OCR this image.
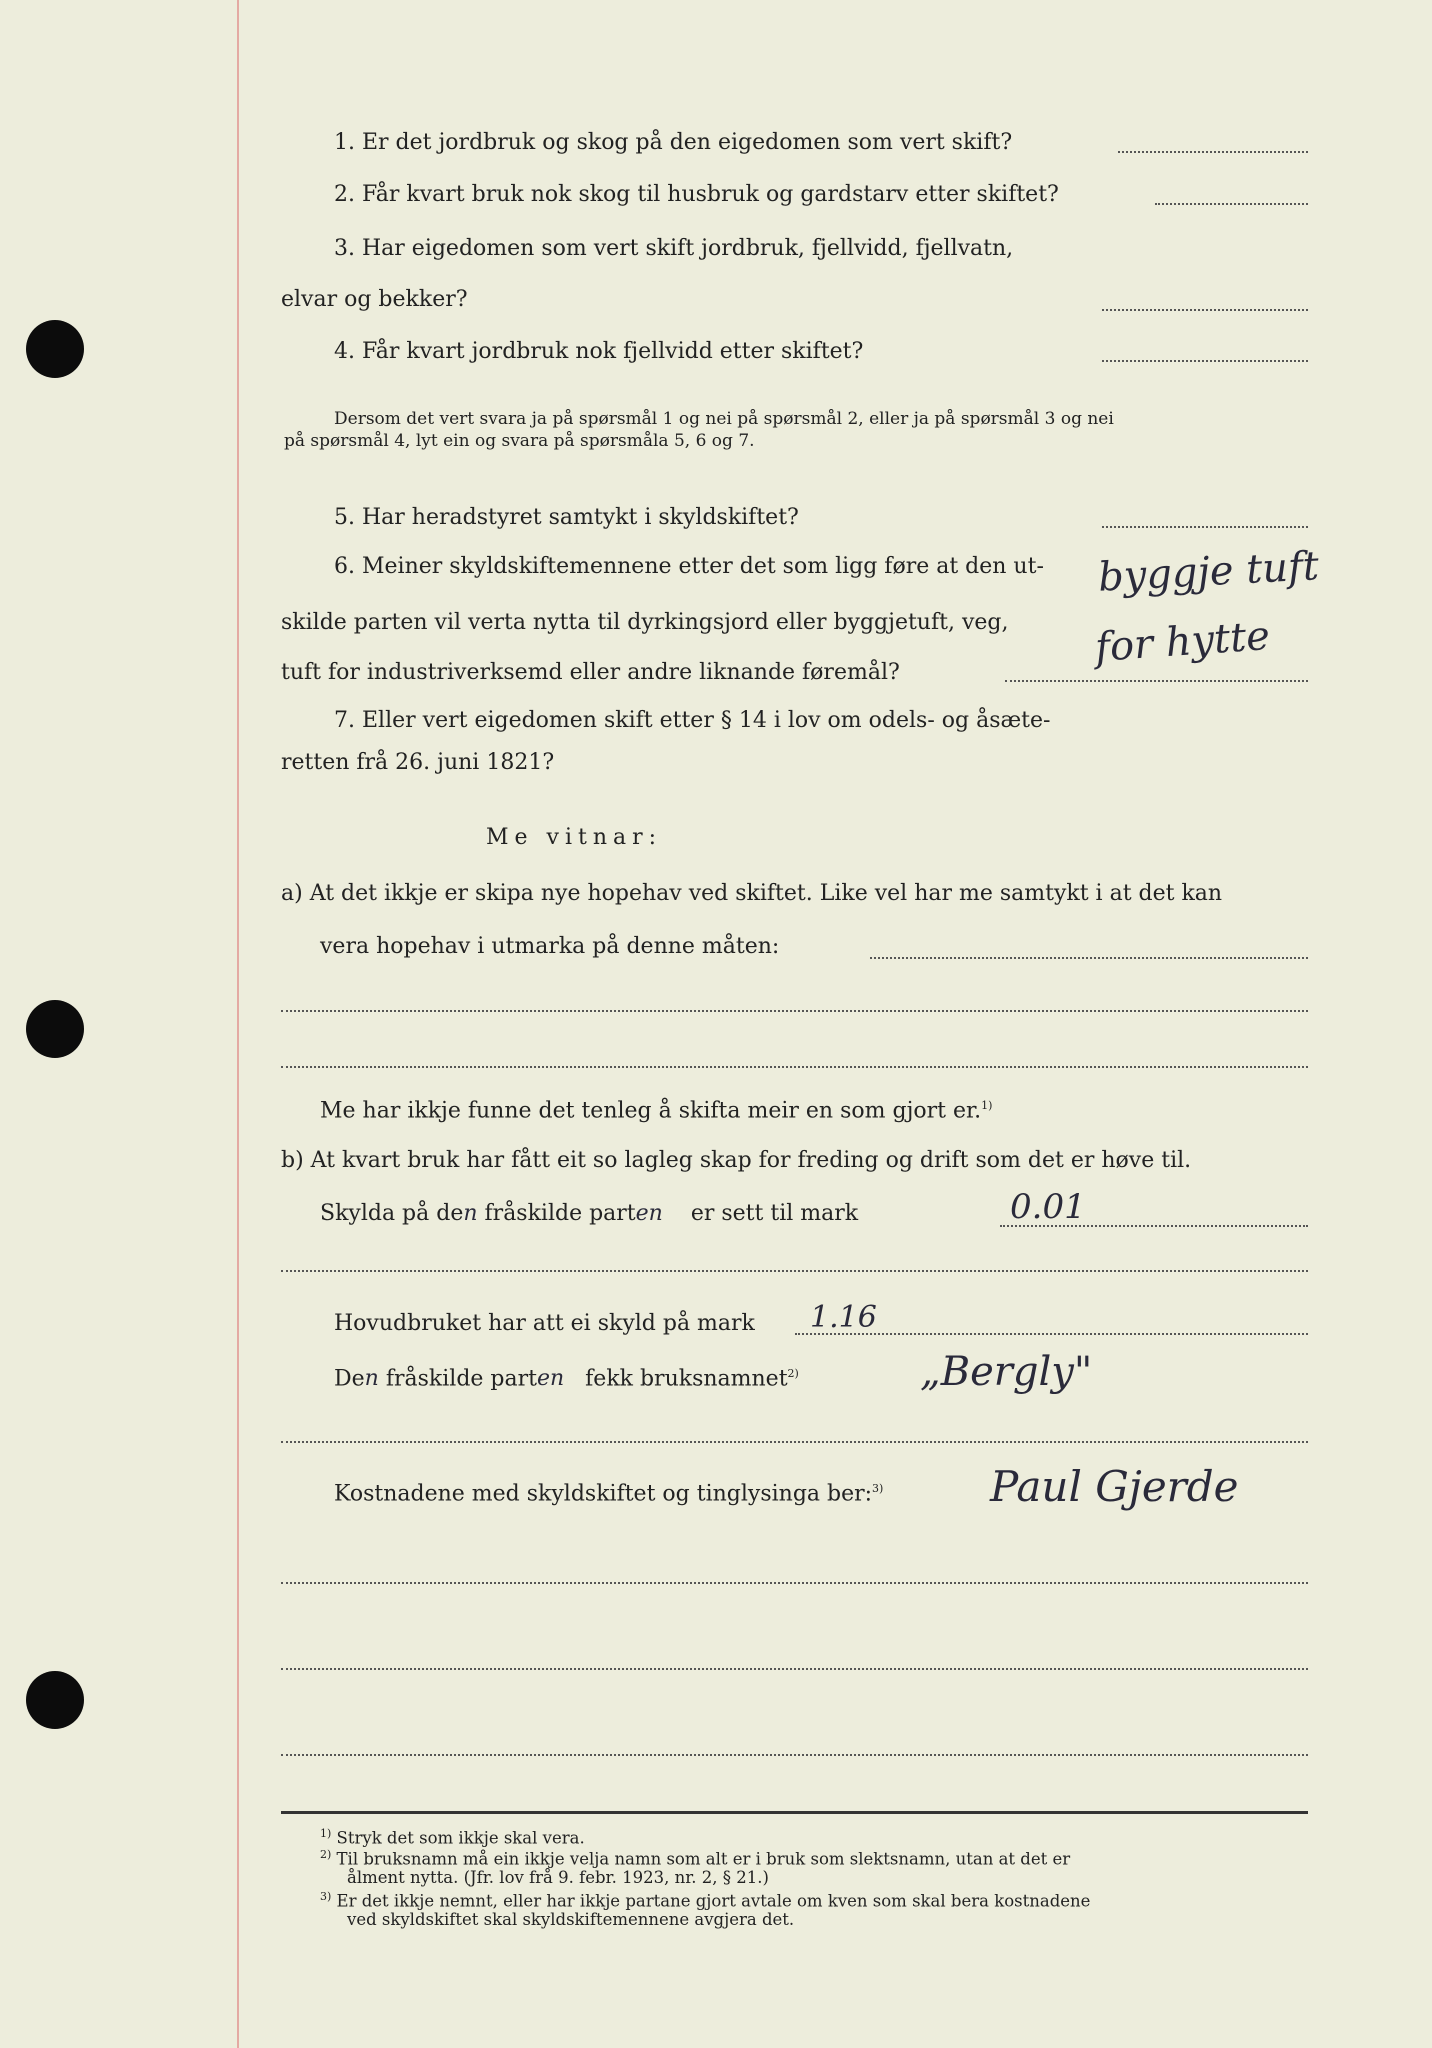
1. Er det jordbruk og skog på den eigedomen som vert skift?
2. Får kvart bruk nok skog til husbruk og gardstarv etter skiftet?
3. Har eigedomen som vert skift jordbruk, fjellvidd, fjellvatn,
elvar og bekker?
4. Får kvart jordbruk nok fjellvidd etter skiftet?
Dersom det vert svara ja på spørsmål 1 og nei på spørsmål 2, eller ja på spørsmål 3 og nei
på spørsmål 4, lyt ein og svara på spørsmåla 5, 6 og 7.
5. Har heradstyret samtykt i skyldskiftet?
6. Meiner skyldskiftemennene etter det som ligg føre at den ut-
skilde parten vil verta nytta til dyrkingsjord eller byggjetuft, veg,
tuft for industriverksemd eller andre liknande føremål?
byggje tuft
for hytte
7. Eller vert eigedomen skift etter § 14 i lov om odels- og åsæte-
retten frå 26. juni 1821?
Me vitnar:
a) At det ikkje er skipa nye hopehav ved skiftet. Like vel har me samtykt i at det kan
vera hopehav i utmarka på denne måten:
Me har ikkje funne det tenleg å skifta meir en som gjort er.$^{1)}$
b) At kvart bruk har fått eit so lagleg skap for freding og drift som det er høve til.
Skylda på den fråskilde parten er sett til mark	0.01
Hovudbruket har att ei skyld på mark 1.16
Den fråskilde parten fekk bruksnamnet$^{2)}$	„Bergly"
Kostnadene med skyldskiftet og tinglysinga ber:$^{3)}$	Paul Gjerde
$^{1)}$ Stryk det som ikkje skal vera.
$^{2)}$ Til bruksnamn må ein ikkje velja namn som alt er i bruk som slektsnamn, utan at det er
ålment nytta. (Jfr. lov frå 9. febr. 1923, nr. 2, § 21.)
$^{3)}$ Er det ikkje nemnt, eller har ikkje partane gjort avtale om kven som skal bera kostnadene
ved skyldskiftet skal skyldskiftemennene avgjera det.
